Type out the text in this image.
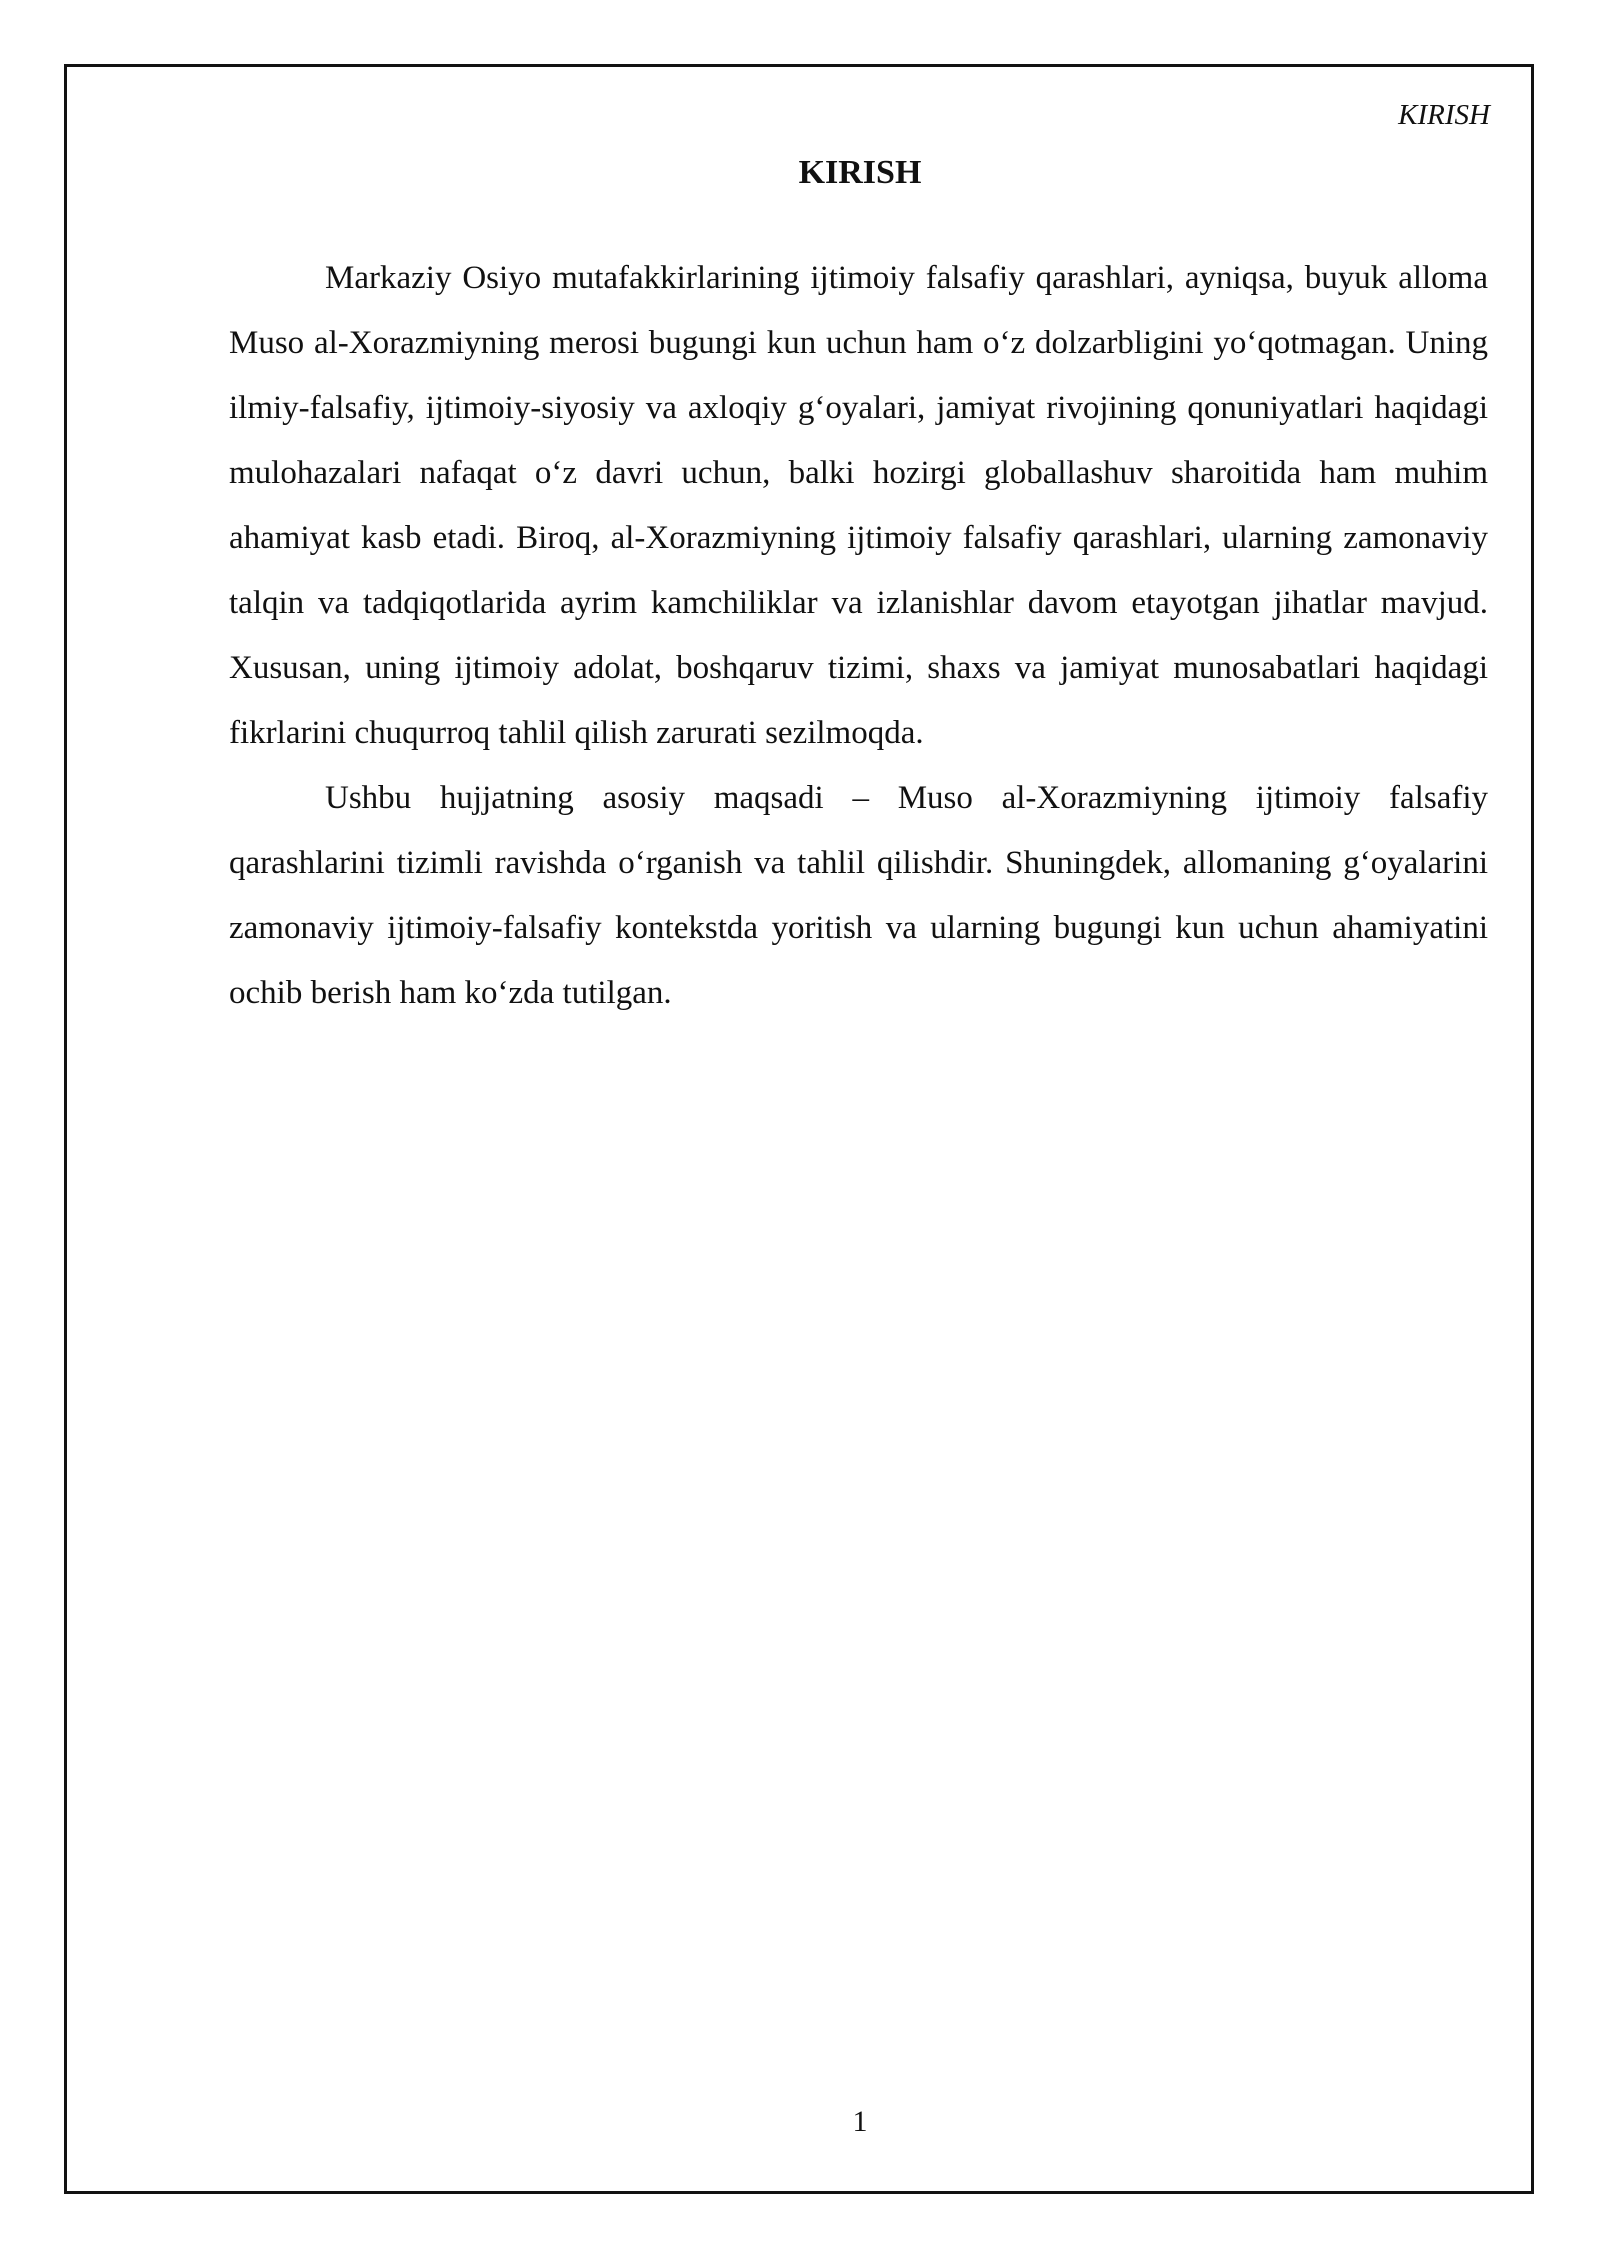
KIRISH
KIRISH

Markaziy Osiyo mutafakkirlarining ijtimoiy falsafiy qarashlari, ayniqsa, buyuk alloma Muso al-Xorazmiyning merosi bugungi kun uchun ham o‘z dolzarbligini yo‘qotmagan. Uning ilmiy-falsafiy, ijtimoiy-siyosiy va axloqiy g‘oyalari, jamiyat rivojining qonuniyatlari haqidagi mulohazalari nafaqat o‘z davri uchun, balki hozirgi globallashuv sharoitida ham muhim ahamiyat kasb etadi. Biroq, al-Xorazmiyning ijtimoiy falsafiy qarashlari, ularning zamonaviy talqin va tadqiqotlarida ayrim kamchiliklar va izlanishlar davom etayotgan jihatlar mavjud. Xususan, uning ijtimoiy adolat, boshqaruv tizimi, shaxs va jamiyat munosabatlari haqidagi fikrlarini chuqurroq tahlil qilish zarurati sezilmoqda.

Ushbu hujjatning asosiy maqsadi – Muso al-Xorazmiyning ijtimoiy falsafiy qarashlarini tizimli ravishda o‘rganish va tahlil qilishdir. Shuningdek, allomaning g‘oyalarini zamonaviy ijtimoiy-falsafiy kontekstda yoritish va ularning bugungi kun uchun ahamiyatini ochib berish ham ko‘zda tutilgan.

1
